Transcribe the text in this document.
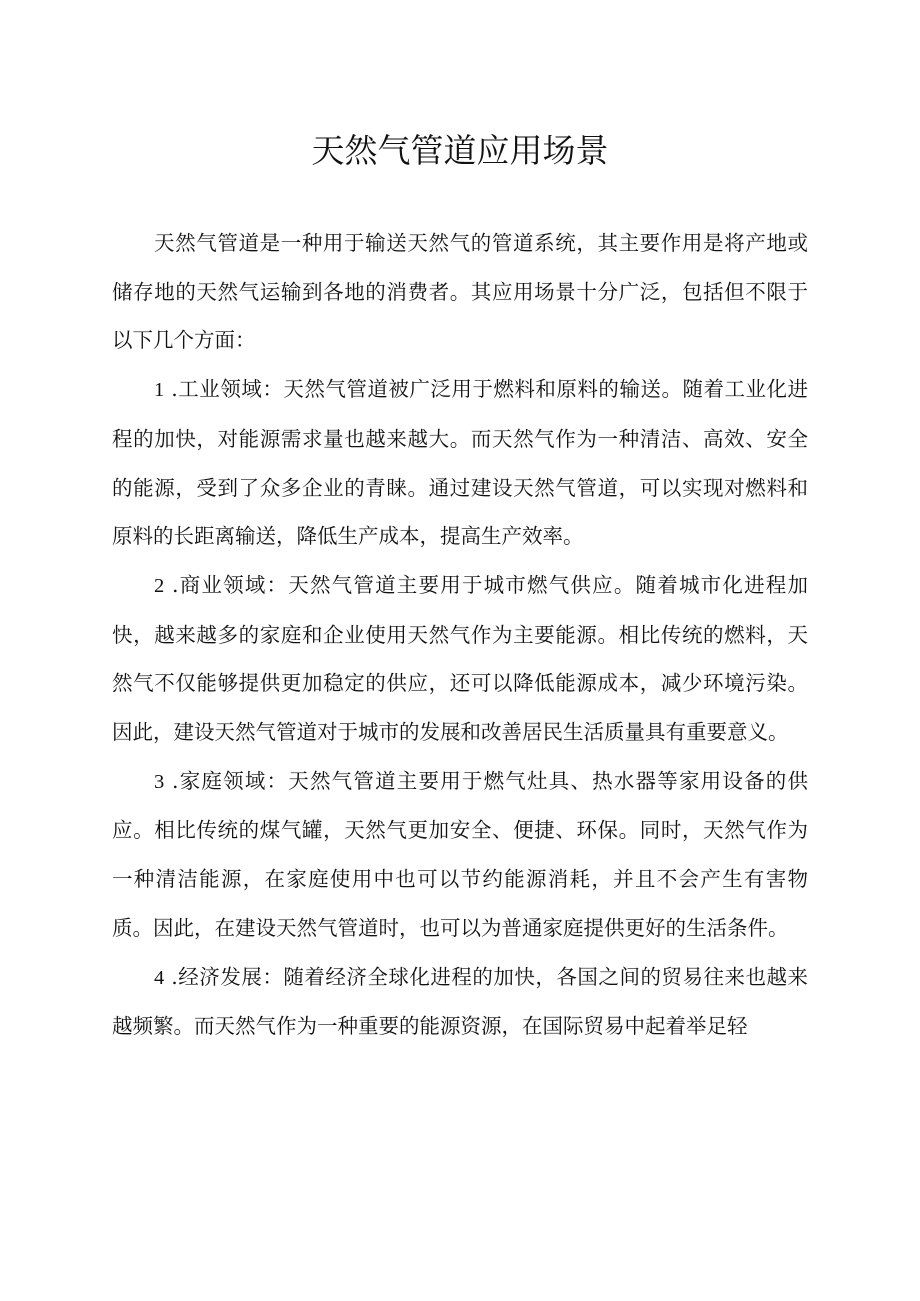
天然气管道应用场景

天然气管道是一种用于输送天然气的管道系统，其主要作用是将产地或储存地的天然气运输到各地的消费者。其应用场景十分广泛，包括但不限于以下几个方面：

1 .工业领域：天然气管道被广泛用于燃料和原料的输送。随着工业化进程的加快，对能源需求量也越来越大。而天然气作为一种清洁、高效、安全的能源，受到了众多企业的青睐。通过建设天然气管道，可以实现对燃料和原料的长距离输送，降低生产成本，提高生产效率。

2 .商业领域：天然气管道主要用于城市燃气供应。随着城市化进程加快，越来越多的家庭和企业使用天然气作为主要能源。相比传统的燃料，天然气不仅能够提供更加稳定的供应，还可以降低能源成本，减少环境污染。因此，建设天然气管道对于城市的发展和改善居民生活质量具有重要意义。

3 .家庭领域：天然气管道主要用于燃气灶具、热水器等家用设备的供应。相比传统的煤气罐，天然气更加安全、便捷、环保。同时，天然气作为一种清洁能源，在家庭使用中也可以节约能源消耗，并且不会产生有害物质。因此，在建设天然气管道时，也可以为普通家庭提供更好的生活条件。

4 .经济发展：随着经济全球化进程的加快，各国之间的贸易往来也越来越频繁。而天然气作为一种重要的能源资源，在国际贸易中起着举足轻
